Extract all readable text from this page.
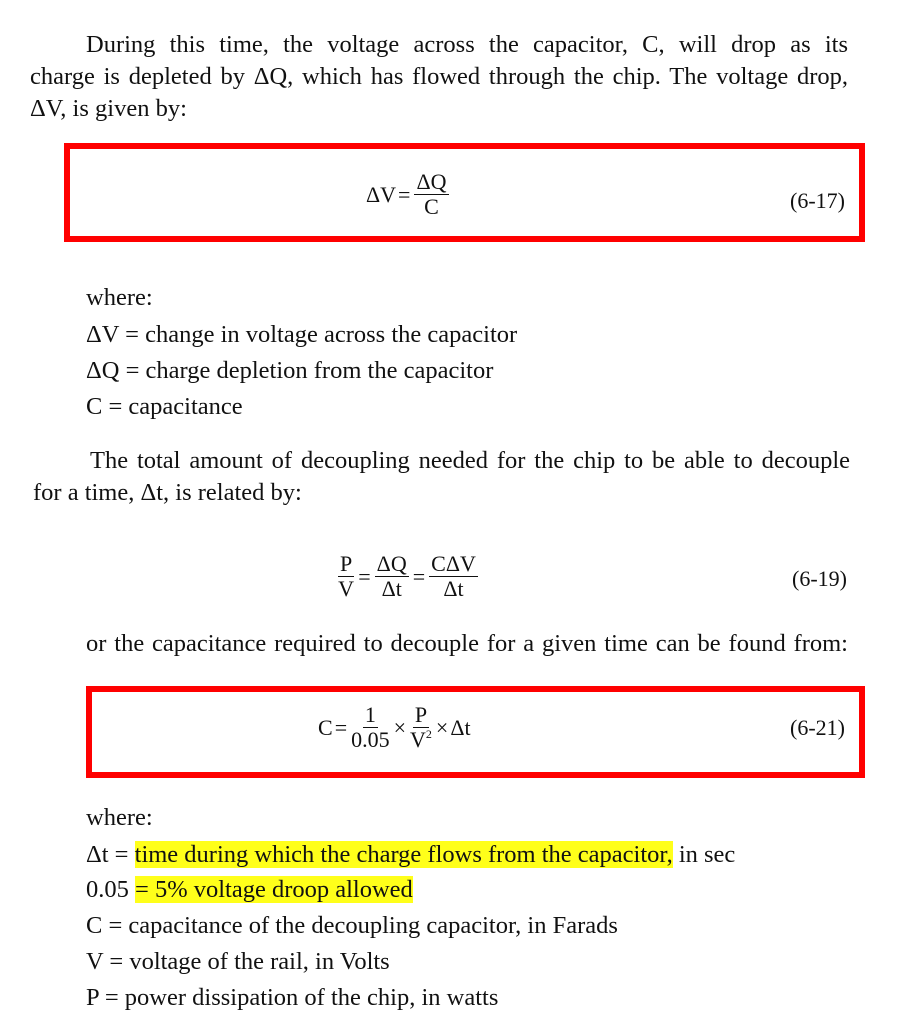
During this time, the voltage across the capacitor, C, will drop as its
charge is depleted by ΔQ, which has flowed through the chip. The voltage drop,
ΔV, is given by:
$\Delta V = \frac{\Delta Q}{C}$	(6-17)
where:
ΔV = change in voltage across the capacitor
ΔQ = charge depletion from the capacitor
C = capacitance
The total amount of decoupling needed for the chip to be able to decouple
for a time, Δt, is related by:
$\frac{P}{V} = \frac{\Delta Q}{\Delta t} = \frac{\text{CΔV}}{\Delta t}$	(6-19)
or the capacitance required to decouple for a given time can be found from:
$C = \frac{1}{0.05} \times \frac{P}{V^2} \times \Delta t$	(6-21)
where:
Δt = time during which the charge flows from the capacitor, in sec
0.05 = 5% voltage droop allowed
C = capacitance of the decoupling capacitor, in Farads
V = voltage of the rail, in Volts
P = power dissipation of the chip, in watts
